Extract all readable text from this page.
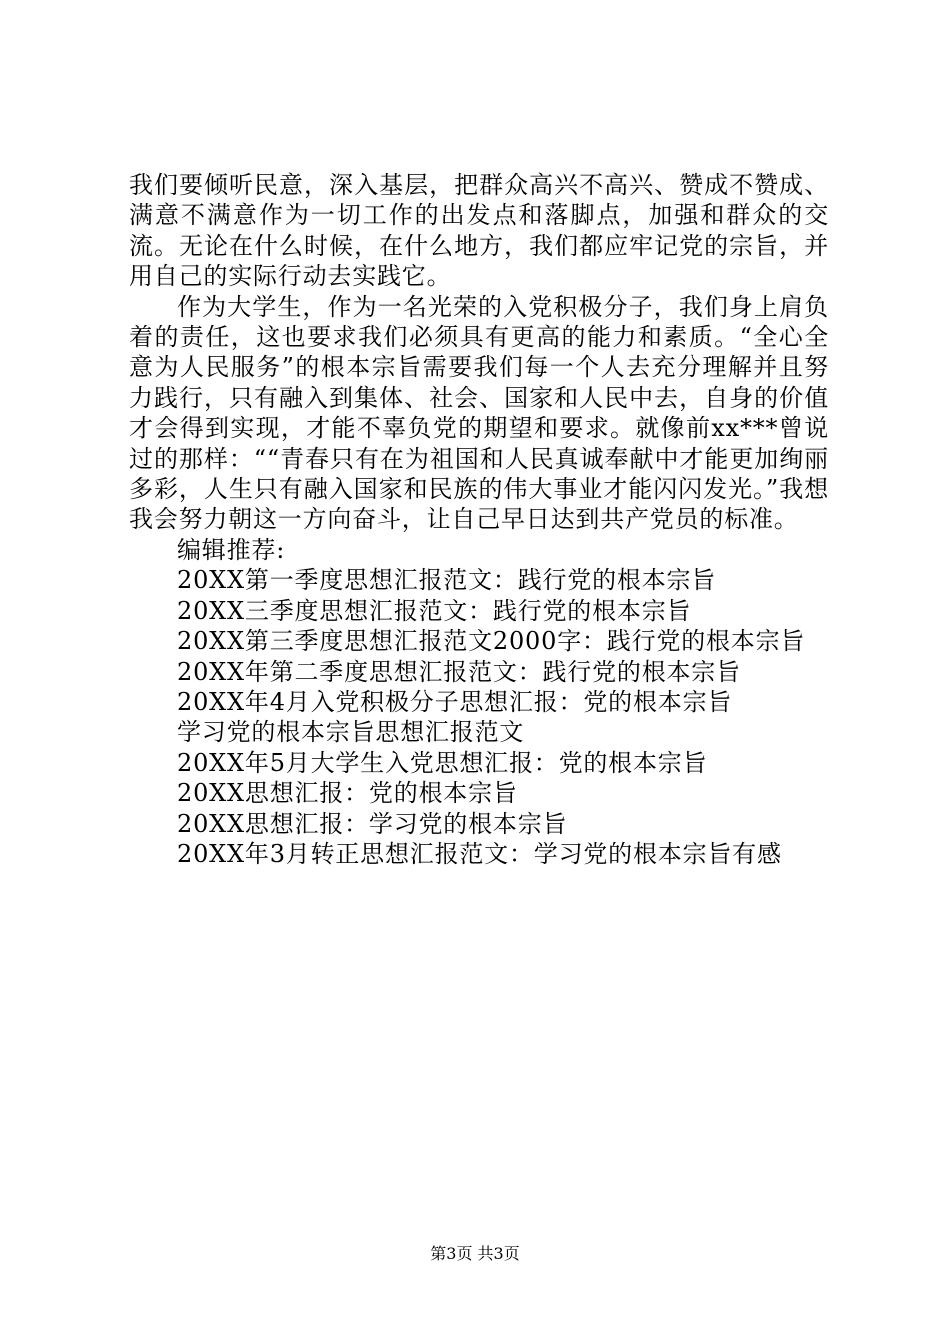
我们要倾听民意，深入基层，把群众高兴不高兴、赞成不赞成、满意不满意作为一切工作的出发点和落脚点，加强和群众的交流。无论在什么时候，在什么地方，我们都应牢记党的宗旨，并用自己的实际行动去实践它。

作为大学生，作为一名光荣的入党积极分子，我们身上肩负着的责任，这也要求我们必须具有更高的能力和素质。“全心全意为人民服务”的根本宗旨需要我们每一个人去充分理解并且努力践行，只有融入到集体、社会、国家和人民中去，自身的价值才会得到实现，才能不辜负党的期望和要求。就像前xx***曾说过的那样：““青春只有在为祖国和人民真诚奉献中才能更加绚丽多彩，人生只有融入国家和民族的伟大事业才能闪闪发光。”我想我会努力朝这一方向奋斗，让自己早日达到共产党员的标准。

编辑推荐:

20XX第一季度思想汇报范文：践行党的根本宗旨
20XX三季度思想汇报范文：践行党的根本宗旨
20XX第三季度思想汇报范文2000字：践行党的根本宗旨
20XX年第二季度思想汇报范文：践行党的根本宗旨
20XX年4月入党积极分子思想汇报：党的根本宗旨
学习党的根本宗旨思想汇报范文
20XX年5月大学生入党思想汇报：党的根本宗旨
20XX思想汇报：党的根本宗旨
20XX思想汇报：学习党的根本宗旨
20XX年3月转正思想汇报范文：学习党的根本宗旨有感
第3页 共3页
